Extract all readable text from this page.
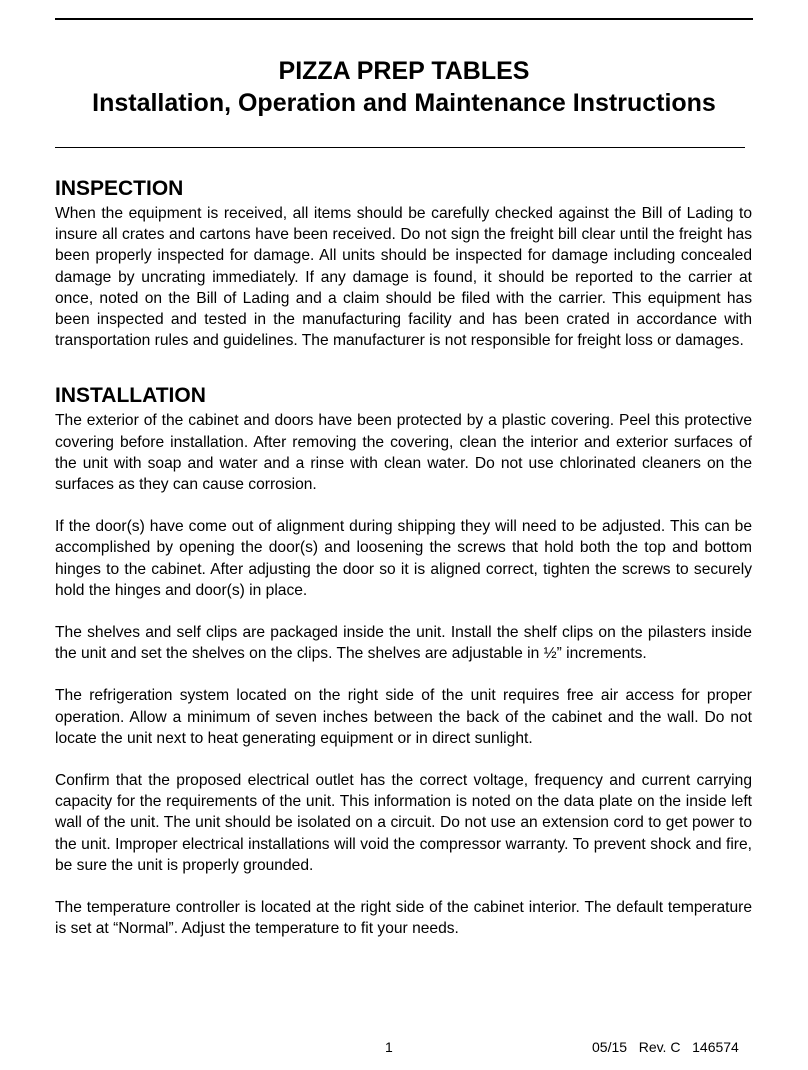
PIZZA PREP TABLES
Installation, Operation and Maintenance Instructions
INSPECTION

When the equipment is received, all items should be carefully checked against the Bill of Lading to insure all crates and cartons have been received. Do not sign the freight bill clear until the freight has been properly inspected for damage. All units should be inspected for damage including concealed damage by uncrating immediately. If any damage is found, it should be reported to the carrier at once, noted on the Bill of Lading and a claim should be filed with the carrier. This equipment has been inspected and tested in the manufacturing facility and has been crated in accordance with transportation rules and guidelines. The manufacturer is not responsible for freight loss or damages.

INSTALLATION

The exterior of the cabinet and doors have been protected by a plastic covering. Peel this protective covering before installation. After removing the covering, clean the interior and exterior surfaces of the unit with soap and water and a rinse with clean water. Do not use chlorinated cleaners on the surfaces as they can cause corrosion.

If the door(s) have come out of alignment during shipping they will need to be adjusted. This can be accomplished by opening the door(s) and loosening the screws that hold both the top and bottom hinges to the cabinet. After adjusting the door so it is aligned correct, tighten the screws to securely hold the hinges and door(s) in place.

The shelves and self clips are packaged inside the unit. Install the shelf clips on the pilasters inside the unit and set the shelves on the clips. The shelves are adjustable in ½” increments.

The refrigeration system located on the right side of the unit requires free air access for proper operation. Allow a minimum of seven inches between the back of the cabinet and the wall. Do not locate the unit next to heat generating equipment or in direct sunlight.

Confirm that the proposed electrical outlet has the correct voltage, frequency and current carrying capacity for the requirements of the unit. This information is noted on the data plate on the inside left wall of the unit. The unit should be isolated on a circuit. Do not use an extension cord to get power to the unit. Improper electrical installations will void the compressor warranty. To prevent shock and fire, be sure the unit is properly grounded.

The temperature controller is located at the right side of the cabinet interior. The default temperature is set at “Normal”. Adjust the temperature to fit your needs.

1	05/15   Rev. C   146574
